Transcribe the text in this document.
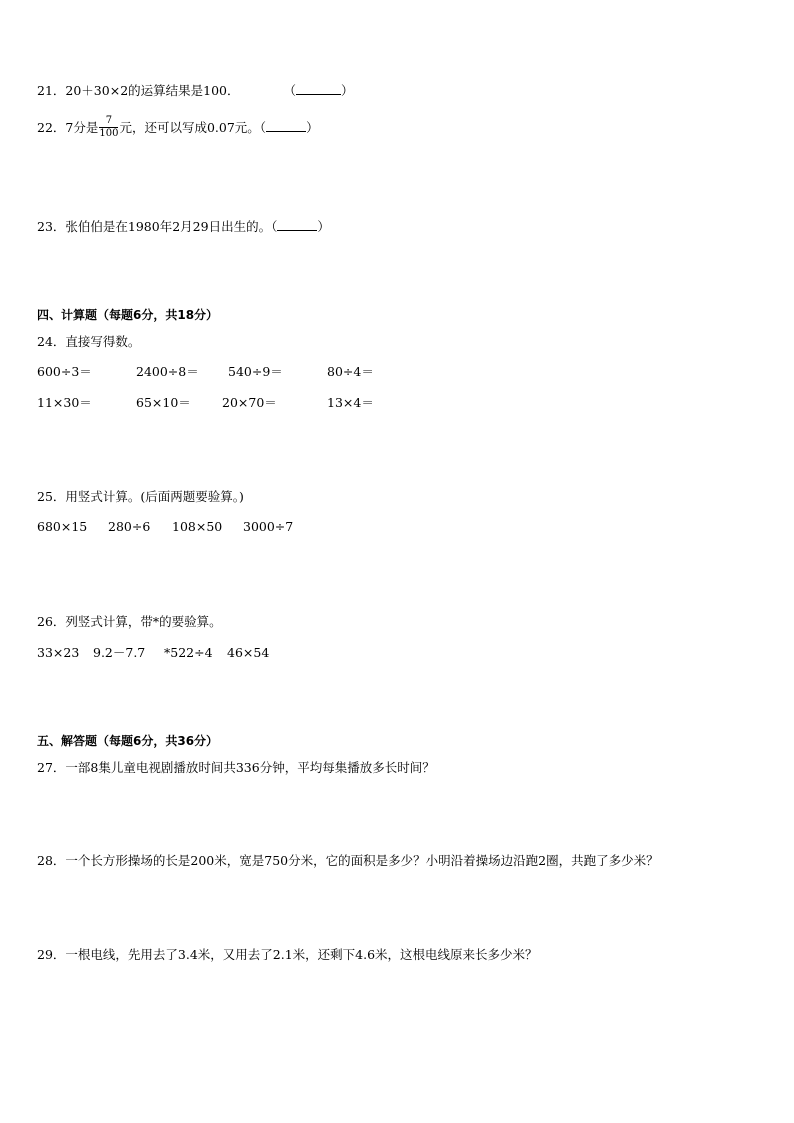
21．20＋30×2的运算结果是100．	（	）
22．7分是 $\frac{7}{100}$ 元，还可以写成0.07元。（	）
23．张伯伯是在1980年2月29日出生的。（	）
四、计算题（每题6分，共18分）
24．直接写得数。
600÷3＝	2400÷8＝ 540÷9＝	80÷4＝
11×30＝	65×10＝ 20×70＝	13×4＝
25．用竖式计算。(后面两题要验算。)
680×15 280÷6 108×50 3000÷7
26．列竖式计算，带*的要验算。
33×23 9.2－7.7 *522÷4 46×54
五、解答题（每题6分，共36分）
27．一部8集儿童电视剧播放时间共336分钟，平均每集播放多长时间？
28．一个长方形操场的长是200米，宽是750分米，它的面积是多少？小明沿着操场边沿跑2圈，共跑了多少米？
29．一根电线，先用去了3.4米，又用去了2.1米，还剩下4.6米，这根电线原来长多少米？
